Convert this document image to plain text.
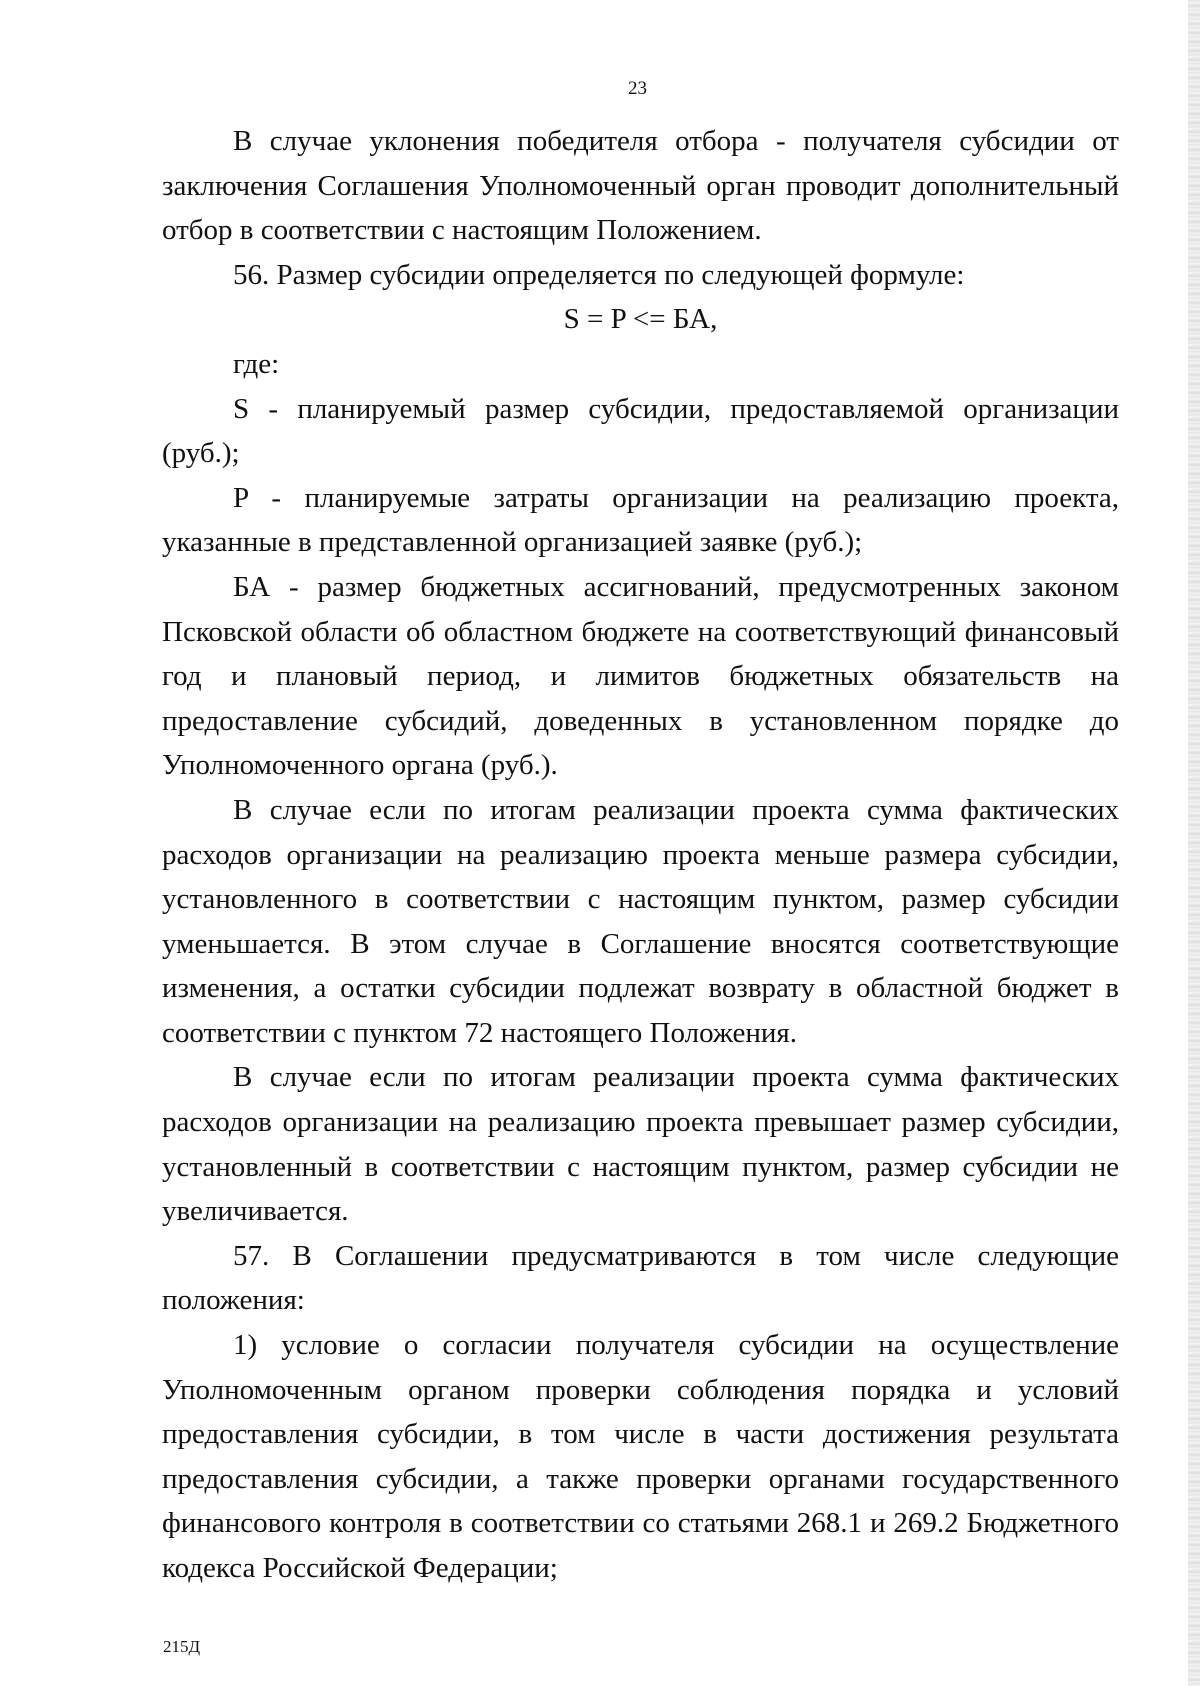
23

В случае уклонения победителя отбора - получателя субсидии от заключения Соглашения Уполномоченный орган проводит дополнительный отбор в соответствии с настоящим Положением.

56. Размер субсидии определяется по следующей формуле:

S = P <= БА,

где:

S - планируемый размер субсидии, предоставляемой организации (руб.);

P - планируемые затраты организации на реализацию проекта, указанные в представленной организацией заявке (руб.);

БА - размер бюджетных ассигнований, предусмотренных законом Псковской области об областном бюджете на соответствующий финансовый год и плановый период, и лимитов бюджетных обязательств на предоставление субсидий, доведенных в установленном порядке до Уполномоченного органа (руб.).

В случае если по итогам реализации проекта сумма фактических расходов организации на реализацию проекта меньше размера субсидии, установленного в соответствии с настоящим пунктом, размер субсидии уменьшается. В этом случае в Соглашение вносятся соответствующие изменения, а остатки субсидии подлежат возврату в областной бюджет в соответствии с пунктом 72 настоящего Положения.

В случае если по итогам реализации проекта сумма фактических расходов организации на реализацию проекта превышает размер субсидии, установленный в соответствии с настоящим пунктом, размер субсидии не увеличивается.

57. В Соглашении предусматриваются в том числе следующие положения:

1) условие о согласии получателя субсидии на осуществление Уполномоченным органом проверки соблюдения порядка и условий предоставления субсидии, в том числе в части достижения результата предоставления субсидии, а также проверки органами государственного финансового контроля в соответствии со статьями 268.1 и 269.2 Бюджетного кодекса Российской Федерации;

215Д
